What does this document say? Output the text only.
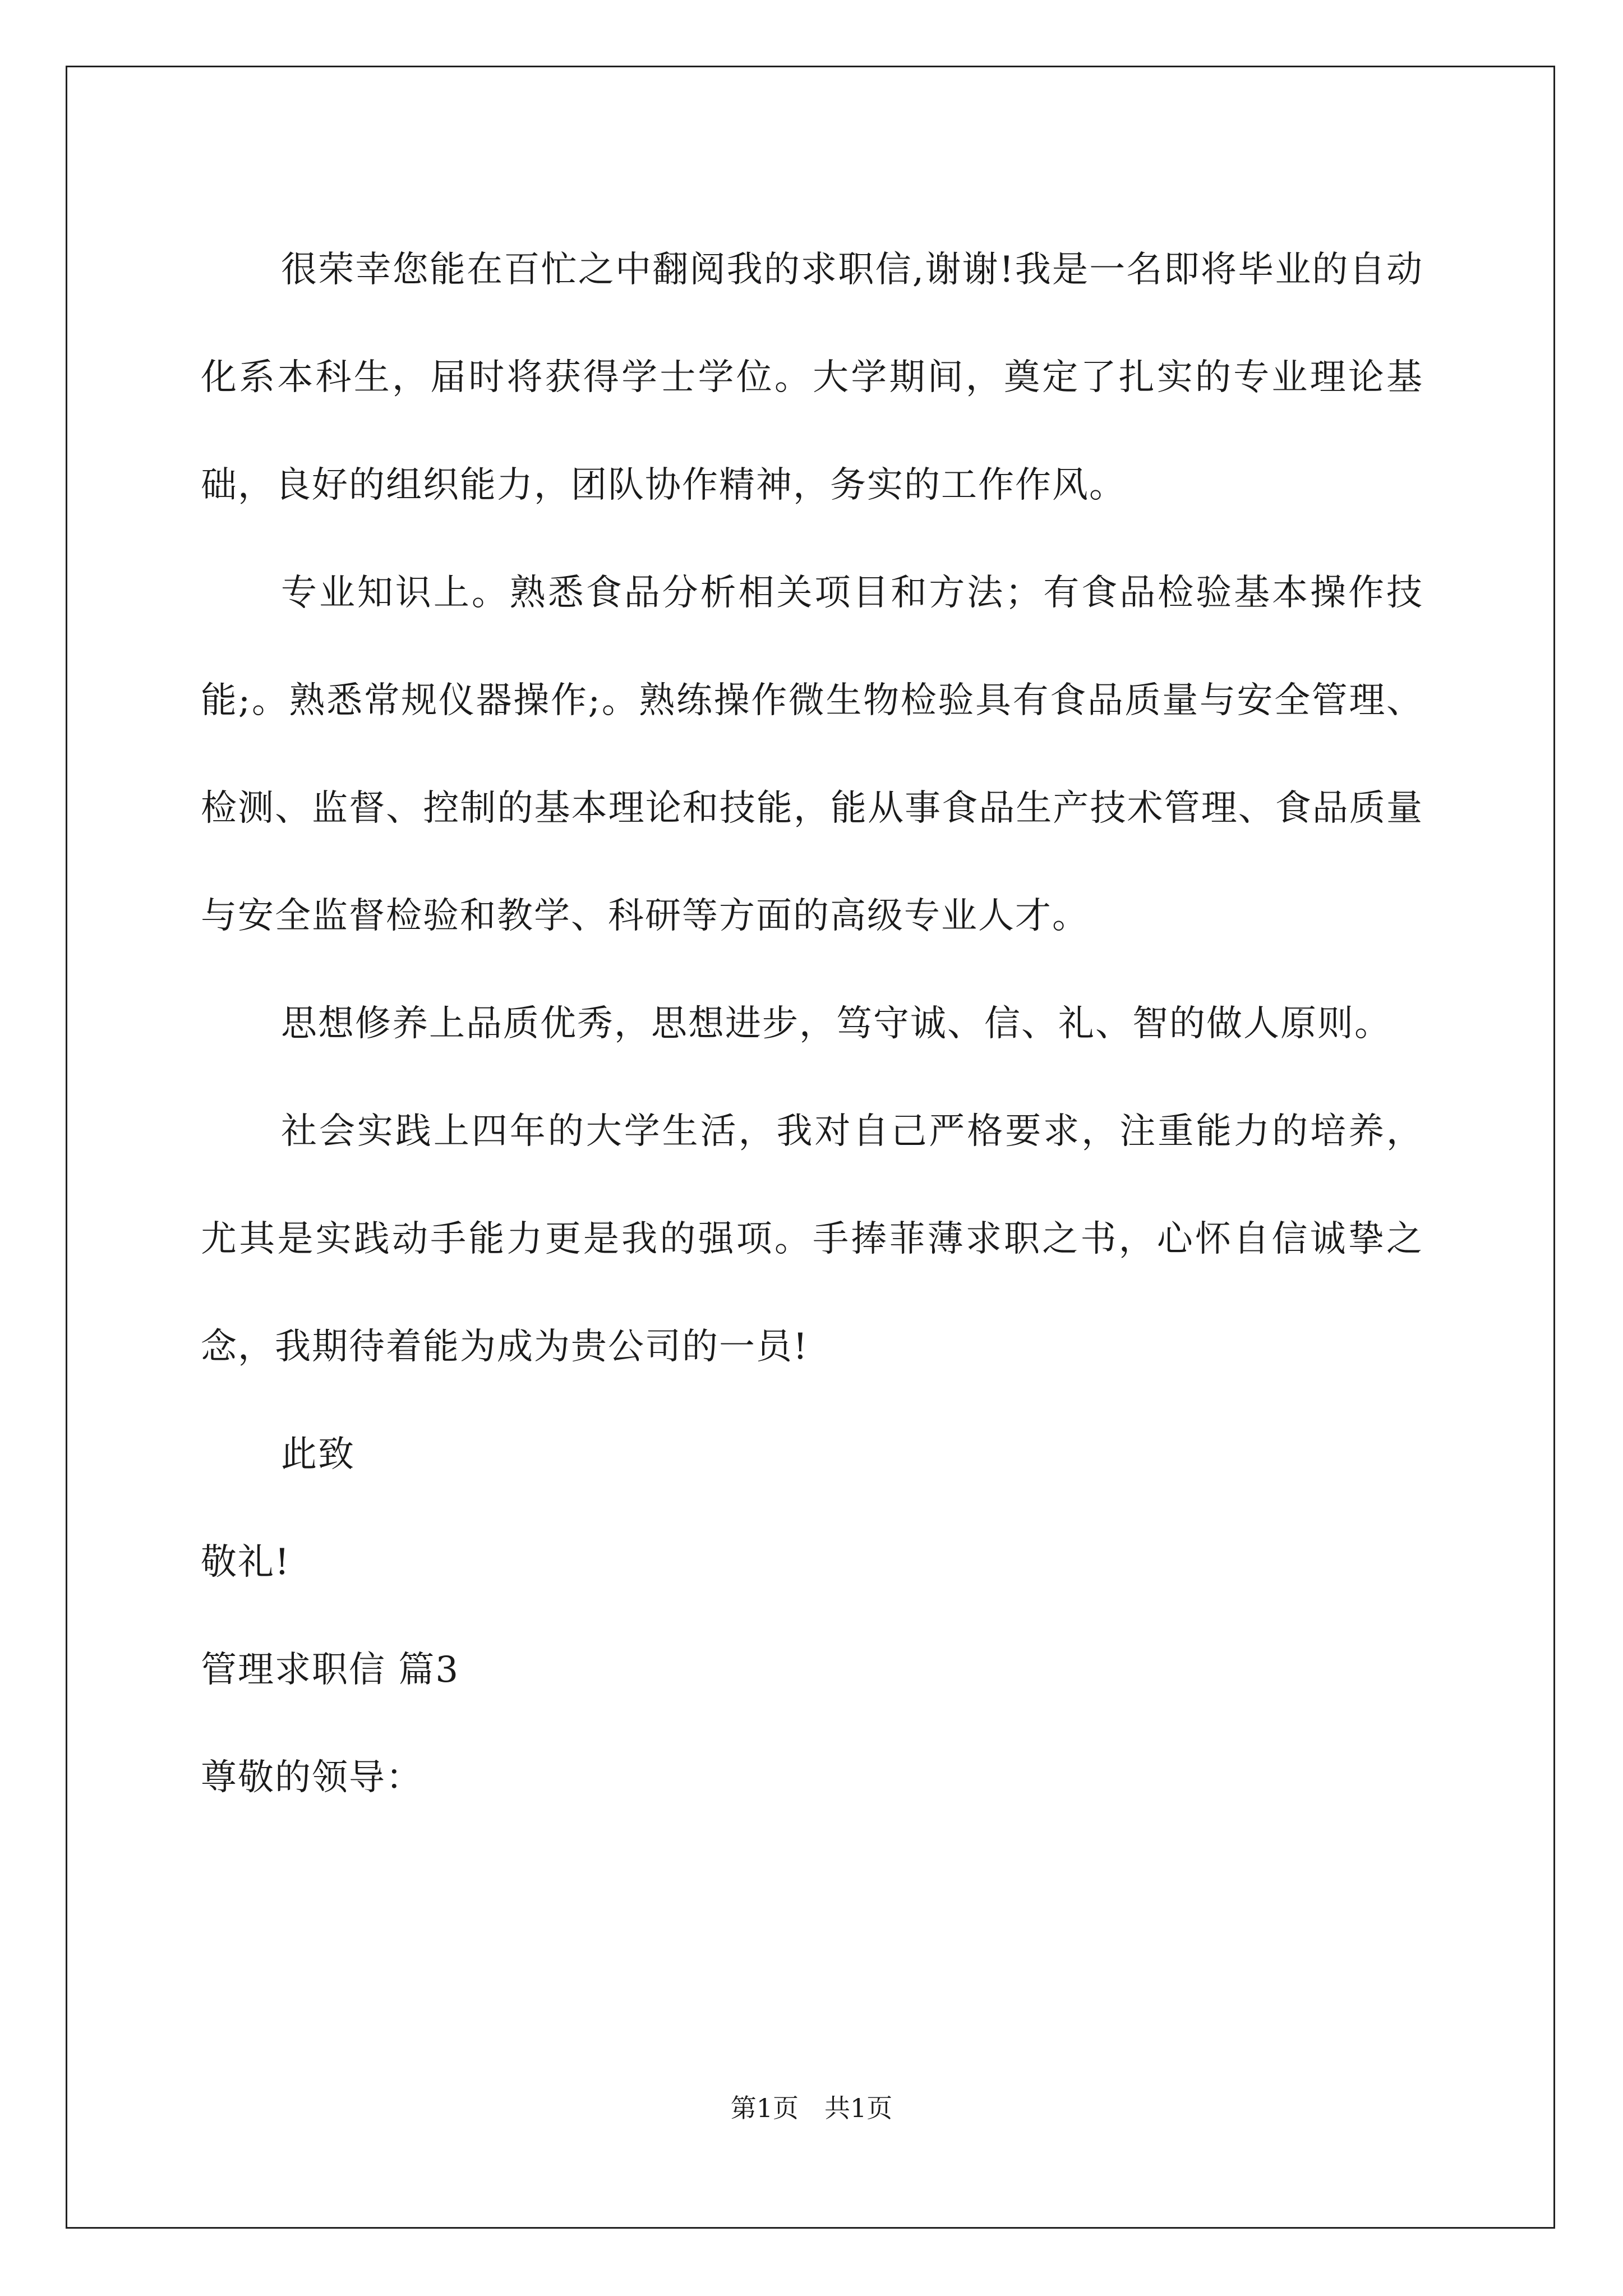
很荣幸您能在百忙之中翻阅我的求职信,谢谢!我是一名即将毕业的自动化系本科生，届时将获得学士学位。大学期间，奠定了扎实的专业理论基础，良好的组织能力，团队协作精神，务实的工作作风。

专业知识上。熟悉食品分析相关项目和方法；有食品检验基本操作技能;。熟悉常规仪器操作;。熟练操作微生物检验具有食品质量与安全管理、检测、监督、控制的基本理论和技能，能从事食品生产技术管理、食品质量与安全监督检验和教学、科研等方面的高级专业人才。

思想修养上品质优秀，思想进步，笃守诚、信、礼、智的做人原则。

社会实践上四年的大学生活，我对自己严格要求，注重能力的培养，尤其是实践动手能力更是我的强项。手捧菲薄求职之书，心怀自信诚挚之念，我期待着能为成为贵公司的一员!

此致

敬礼!

管理求职信 篇3

尊敬的领导：

第1页　共1页
